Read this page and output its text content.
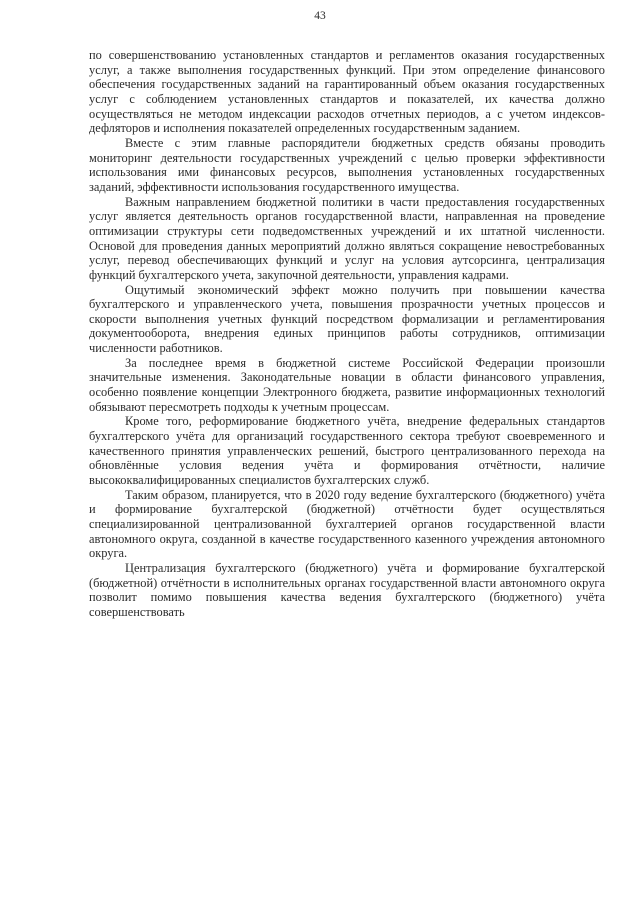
43

по совершенствованию установленных стандартов и регламентов оказания государственных услуг, а также выполнения государственных функций. При этом определение финансового обеспечения государственных заданий на гарантированный объем оказания государственных услуг с соблюдением установленных стандартов и показателей, их качества должно осуществляться не методом индексации расходов отчетных периодов, а с учетом индексов-дефляторов и исполнения показателей определенных государственным заданием.

Вместе с этим главные распорядители бюджетных средств обязаны проводить мониторинг деятельности государственных учреждений с целью проверки эффективности использования ими финансовых ресурсов, выполнения установленных государственных заданий, эффективности использования государственного имущества.

Важным направлением бюджетной политики в части предоставления государственных услуг является деятельность органов государственной власти, направленная на проведение оптимизации структуры сети подведомственных учреждений и их штатной численности. Основой для проведения данных мероприятий должно являться сокращение невостребованных услуг, перевод обеспечивающих функций и услуг на условия аутсорсинга, централизация функций бухгалтерского учета, закупочной деятельности, управления кадрами.

Ощутимый экономический эффект можно получить при повышении качества бухгалтерского и управленческого учета, повышения прозрачности учетных процессов и скорости выполнения учетных функций посредством формализации и регламентирования документооборота, внедрения единых принципов работы сотрудников, оптимизации численности работников.

За последнее время в бюджетной системе Российской Федерации произошли значительные изменения. Законодательные новации в области финансового управления, особенно появление концепции Электронного бюджета, развитие информационных технологий обязывают пересмотреть подходы к учетным процессам.

Кроме того, реформирование бюджетного учёта, внедрение федеральных стандартов бухгалтерского учёта для организаций государственного сектора требуют своевременного и качественного принятия управленческих решений, быстрого централизованного перехода на обновлённые условия ведения учёта и формирования отчётности, наличие высококвалифицированных специалистов бухгалтерских служб.

Таким образом, планируется, что в 2020 году ведение бухгалтерского (бюджетного) учёта и формирование бухгалтерской (бюджетной) отчётности будет осуществляться специализированной централизованной бухгалтерией органов государственной власти автономного округа, созданной в качестве государственного казенного учреждения автономного округа.

Централизация бухгалтерского (бюджетного) учёта и формирование бухгалтерской (бюджетной) отчётности в исполнительных органах государственной власти автономного округа позволит помимо повышения качества ведения бухгалтерского (бюджетного) учёта совершенствовать
